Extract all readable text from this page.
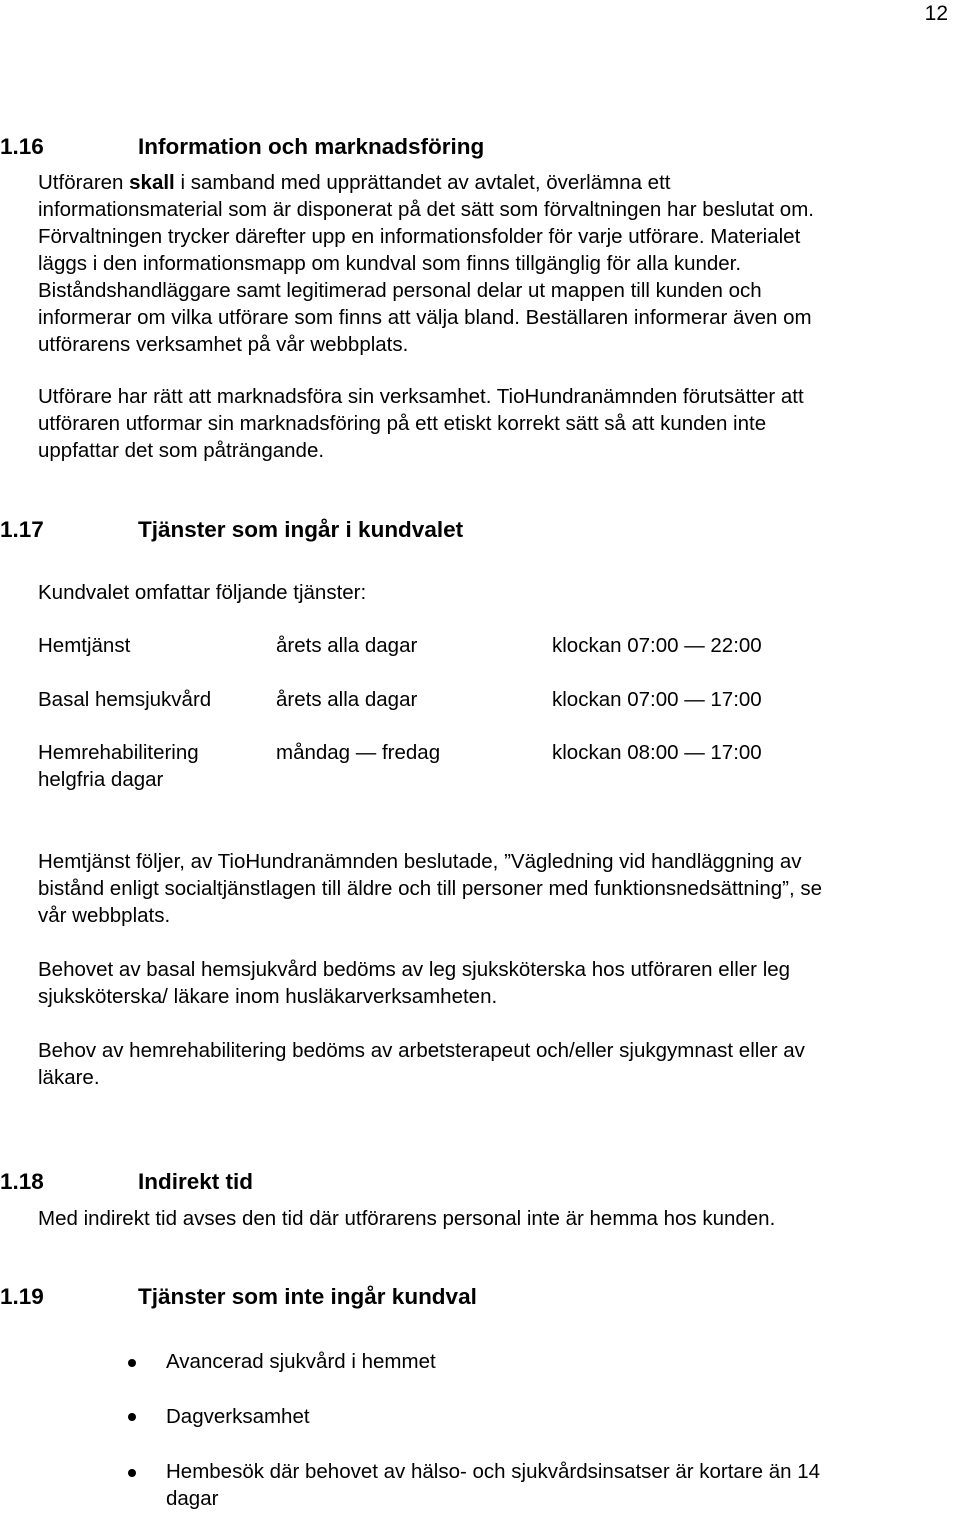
12
1.16	Information och marknadsföring
Utföraren skall i samband med upprättandet av avtalet, överlämna ett
informationsmaterial som är disponerat på det sätt som förvaltningen har beslutat om.
Förvaltningen trycker därefter upp en informationsfolder för varje utförare. Materialet
läggs i den informationsmapp om kundval som finns tillgänglig för alla kunder.
Biståndshandläggare samt legitimerad personal delar ut mappen till kunden och
informerar om vilka utförare som finns att välja bland. Beställaren informerar även om
utförarens verksamhet på vår webbplats.
Utförare har rätt att marknadsföra sin verksamhet. TioHundranämnden förutsätter att
utföraren utformar sin marknadsföring på ett etiskt korrekt sätt så att kunden inte
uppfattar det som påträngande.
1.17	Tjänster som ingår i kundvalet
Kundvalet omfattar följande tjänster:
Hemtjänst	årets alla dagar	klockan 07:00 — 22:00
Basal hemsjukvård	årets alla dagar	klockan 07:00 — 17:00
Hemrehabilitering	måndag — fredag	klockan 08:00 — 17:00
helgfria dagar
Hemtjänst följer, av TioHundranämnden beslutade, ”Vägledning vid handläggning av
bistånd enligt socialtjänstlagen till äldre och till personer med funktionsnedsättning”, se
vår webbplats.
Behovet av basal hemsjukvård bedöms av leg sjuksköterska hos utföraren eller leg
sjuksköterska/ läkare inom husläkarverksamheten.
Behov av hemrehabilitering bedöms av arbetsterapeut och/eller sjukgymnast eller av
läkare.
1.18	Indirekt tid
Med indirekt tid avses den tid där utförarens personal inte är hemma hos kunden.
1.19	Tjänster som inte ingår kundval
Avancerad sjukvård i hemmet
Dagverksamhet
Hembesök där behovet av hälso- och sjukvårdsinsatser är kortare än 14
dagar
